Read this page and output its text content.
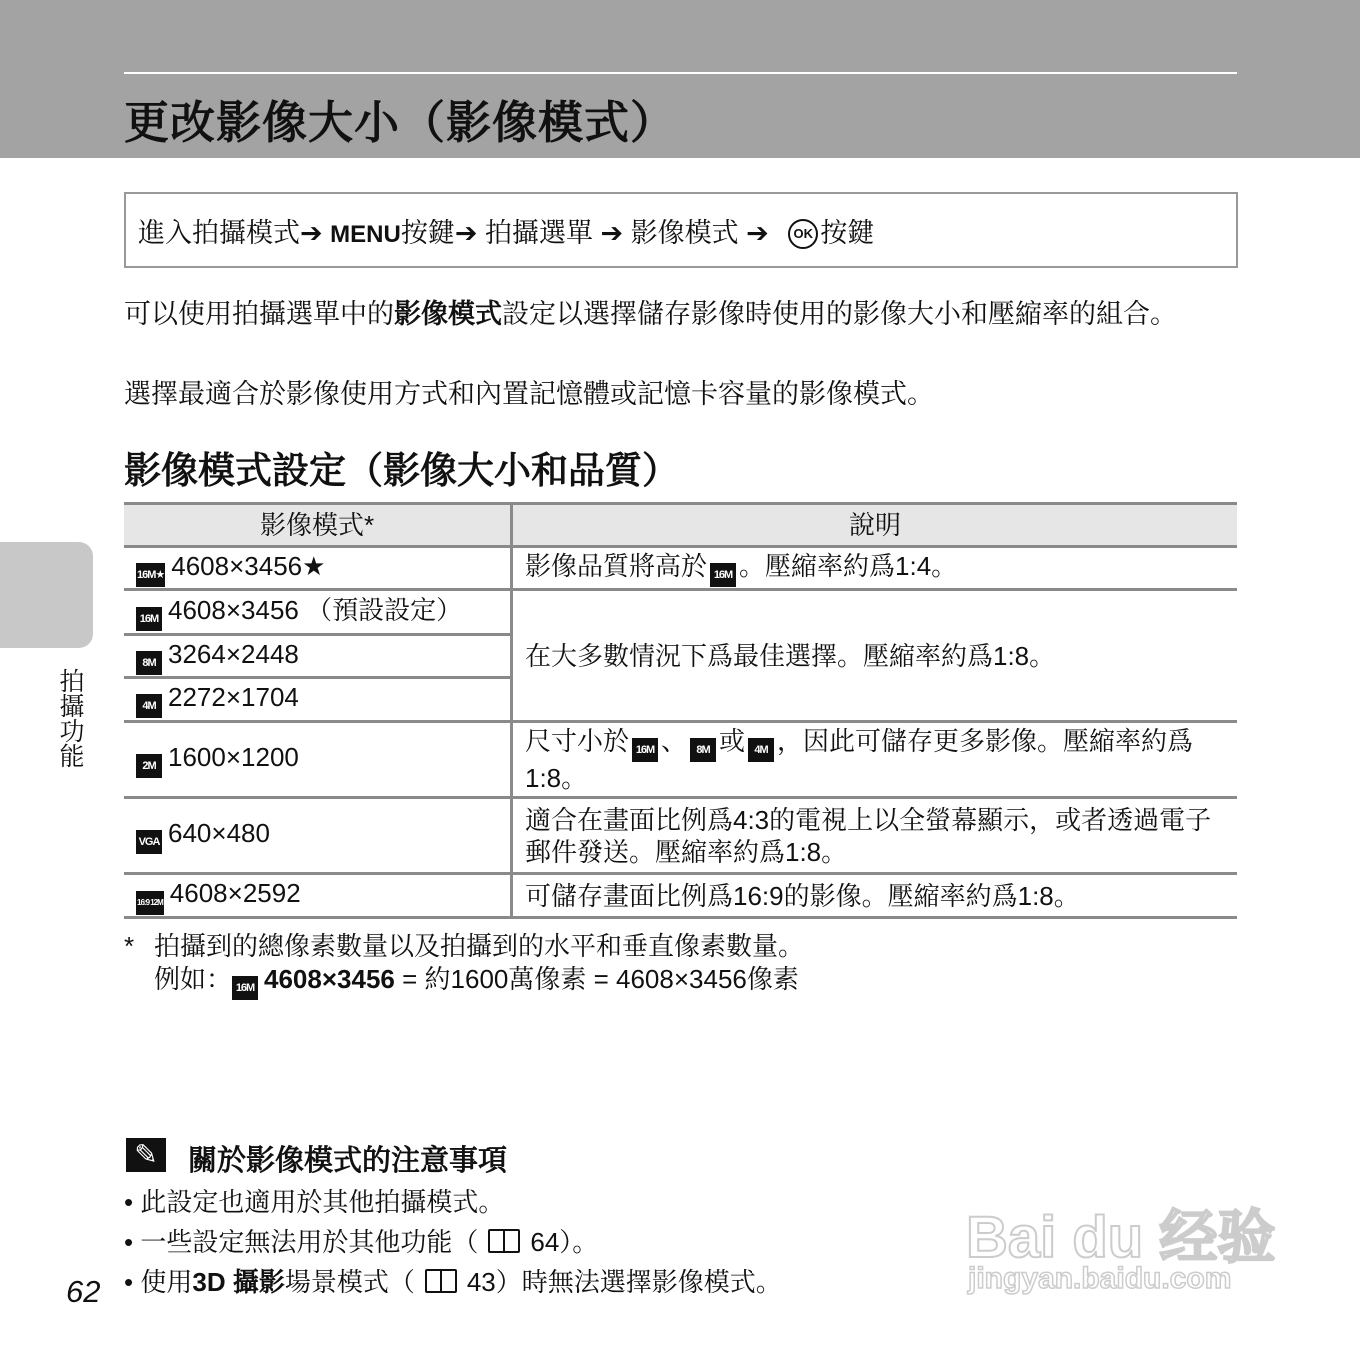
更改影像大小（影像模式）
進入拍攝模式➔ MENU按鍵➔ 拍攝選單 ➔ 影像模式 ➔ OK 按鍵
可以使用拍攝選單中的影像模式設定以選擇儲存影像時使用的影像大小和壓縮率的組合。
選擇最適合於影像使用方式和內置記憶體或記憶卡容量的影像模式。
影像模式設定（影像大小和品質）
影像模式*	說明
16M★ 4608×3456★	影像品質將高於 16M 。壓縮率約爲1:4。
16M 4608×3456 （預設設定）	在大多數情況下爲最佳選擇。壓縮率約爲1:8。
8M 3264×2448	
4M 2272×1704	
2M 1600×1200	尺寸小於 16M 、 8M 或 4M ，因此可儲存更多影像。壓縮率約爲1:8。
VGA 640×480	適合在畫面比例爲4:3的電視上以全螢幕顯示，或者透過電子郵件發送。壓縮率約爲1:8。
16:9 12M 4608×2592	可儲存畫面比例爲16:9的影像。壓縮率約爲1:8。
* 拍攝到的總像素數量以及拍攝到的水平和垂直像素數量。
例如： 16M 4608×3456 = 約1600萬像素 = 4608×3456像素
✎ 關於影像模式的注意事項
• 此設定也適用於其他拍攝模式。
• 一些設定無法用於其他功能（ 64）。
• 使用3D 攝影場景模式（ 43）時無法選擇影像模式。
拍攝功能
62
Bai du 经验
jingyan.baidu.com
